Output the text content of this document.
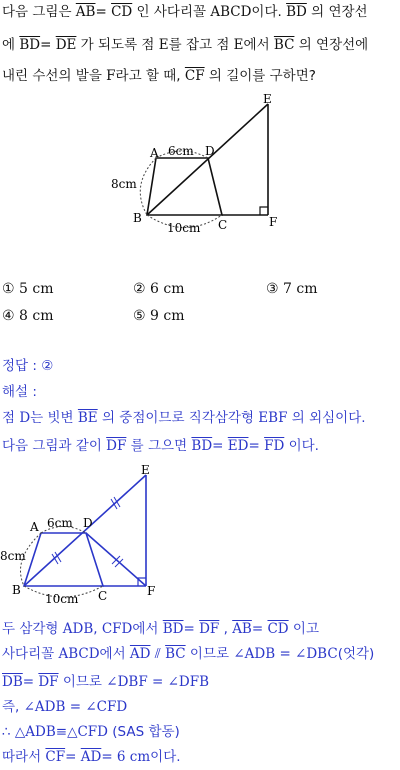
다음 그림은 $\overline{AB}= \overline{CD}$ 인 사다리꼴 ABCD이다. $\overline{BD}$ 의 연장선
에 $\overline{BD}= \overline{DE}$ 가 되도록 점 E를 잡고 점 E에서 $\overline{BC}$ 의 연장선에
내린 수선의 발을 F라고 할 때, $\overline{CF}$ 의 길이를 구하면?
A	D
B	C
E
F
6cm
8cm
10cm
① 5 cm	② 6 cm	③ 7 cm
④ 8 cm	⑤ 9 cm
정답 : ②
해설 :
점 D는 빗변 $\overline{BE}$ 의 중점이므로 직각삼각형 EBF 의 외심이다.
다음 그림과 같이 $\overline{DF}$ 를 그으면 $\overline{BD}= \overline{ED}= \overline{FD}$ 이다.
A	D
B	C
E
F
6cm
8cm
10cm
두 삼각형 ADB, CFD에서 $\overline{BD}= \overline{DF}$ , $\overline{AB}= \overline{CD}$ 이고
사다리꼴 ABCD에서 $\overline{AD}$ ⫽ $\overline{BC}$ 이므로 ∠ADB = ∠DBC(엇각)
$\overline{DB}= \overline{DF}$ 이므로 ∠DBF = ∠DFB
즉, ∠ADB = ∠CFD
∴ △ADB≡△CFD (SAS 합동)
따라서 $\overline{CF}= \overline{AD}= 6$ cm이다.
